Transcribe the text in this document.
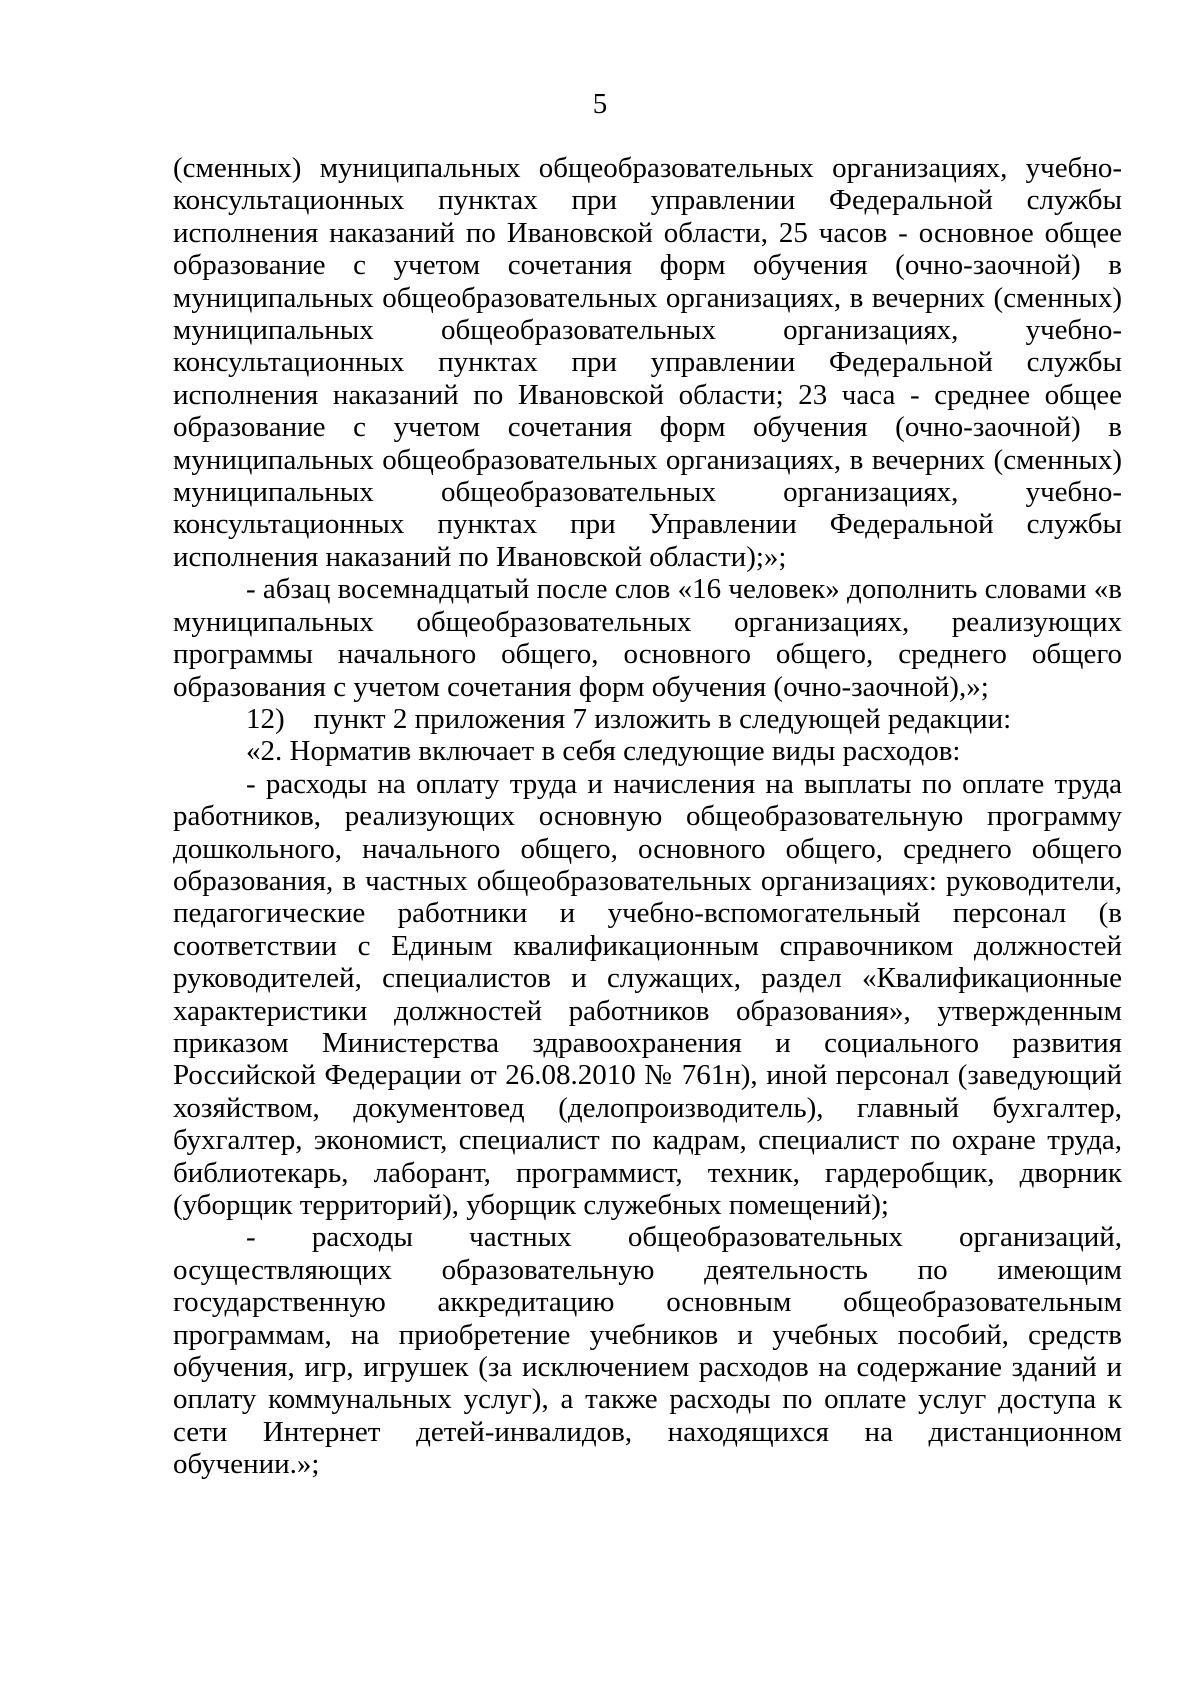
5

(сменных) муниципальных общеобразовательных организациях, учебно-консультационных пунктах при управлении Федеральной службы исполнения наказаний по Ивановской области, 25 часов - основное общее образование с учетом сочетания форм обучения (очно-заочной) в муниципальных общеобразовательных организациях, в вечерних (сменных) муниципальных общеобразовательных организациях, учебно-консультационных пунктах при управлении Федеральной службы исполнения наказаний по Ивановской области; 23 часа - среднее общее образование с учетом сочетания форм обучения (очно-заочной) в муниципальных общеобразовательных организациях, в вечерних (сменных) муниципальных общеобразовательных организациях, учебно-консультационных пунктах при Управлении Федеральной службы исполнения наказаний по Ивановской области);»;

- абзац восемнадцатый после слов «16 человек» дополнить словами «в муниципальных общеобразовательных организациях, реализующих программы начального общего, основного общего, среднего общего образования с учетом сочетания форм обучения (очно-заочной),»;

12)    пункт 2 приложения 7 изложить в следующей редакции:

«2. Норматив включает в себя следующие виды расходов:

- расходы на оплату труда и начисления на выплаты по оплате труда работников, реализующих основную общеобразовательную программу дошкольного, начального общего, основного общего, среднего общего образования, в частных общеобразовательных организациях: руководители, педагогические работники и учебно-вспомогательный персонал (в соответствии с Единым квалификационным справочником должностей руководителей, специалистов и служащих, раздел «Квалификационные характеристики должностей работников образования», утвержденным приказом Министерства здравоохранения и социального развития Российской Федерации от 26.08.2010 № 761н), иной персонал (заведующий хозяйством, документовед (делопроизводитель), главный бухгалтер, бухгалтер, экономист, специалист по кадрам, специалист по охране труда, библиотекарь, лаборант, программист, техник, гардеробщик, дворник (уборщик территорий), уборщик служебных помещений);

- расходы частных общеобразовательных организаций, осуществляющих образовательную деятельность по имеющим государственную аккредитацию основным общеобразовательным программам, на приобретение учебников и учебных пособий, средств обучения, игр, игрушек (за исключением расходов на содержание зданий и оплату коммунальных услуг), а также расходы по оплате услуг доступа к сети Интернет детей-инвалидов, находящихся на дистанционном обучении.»;
